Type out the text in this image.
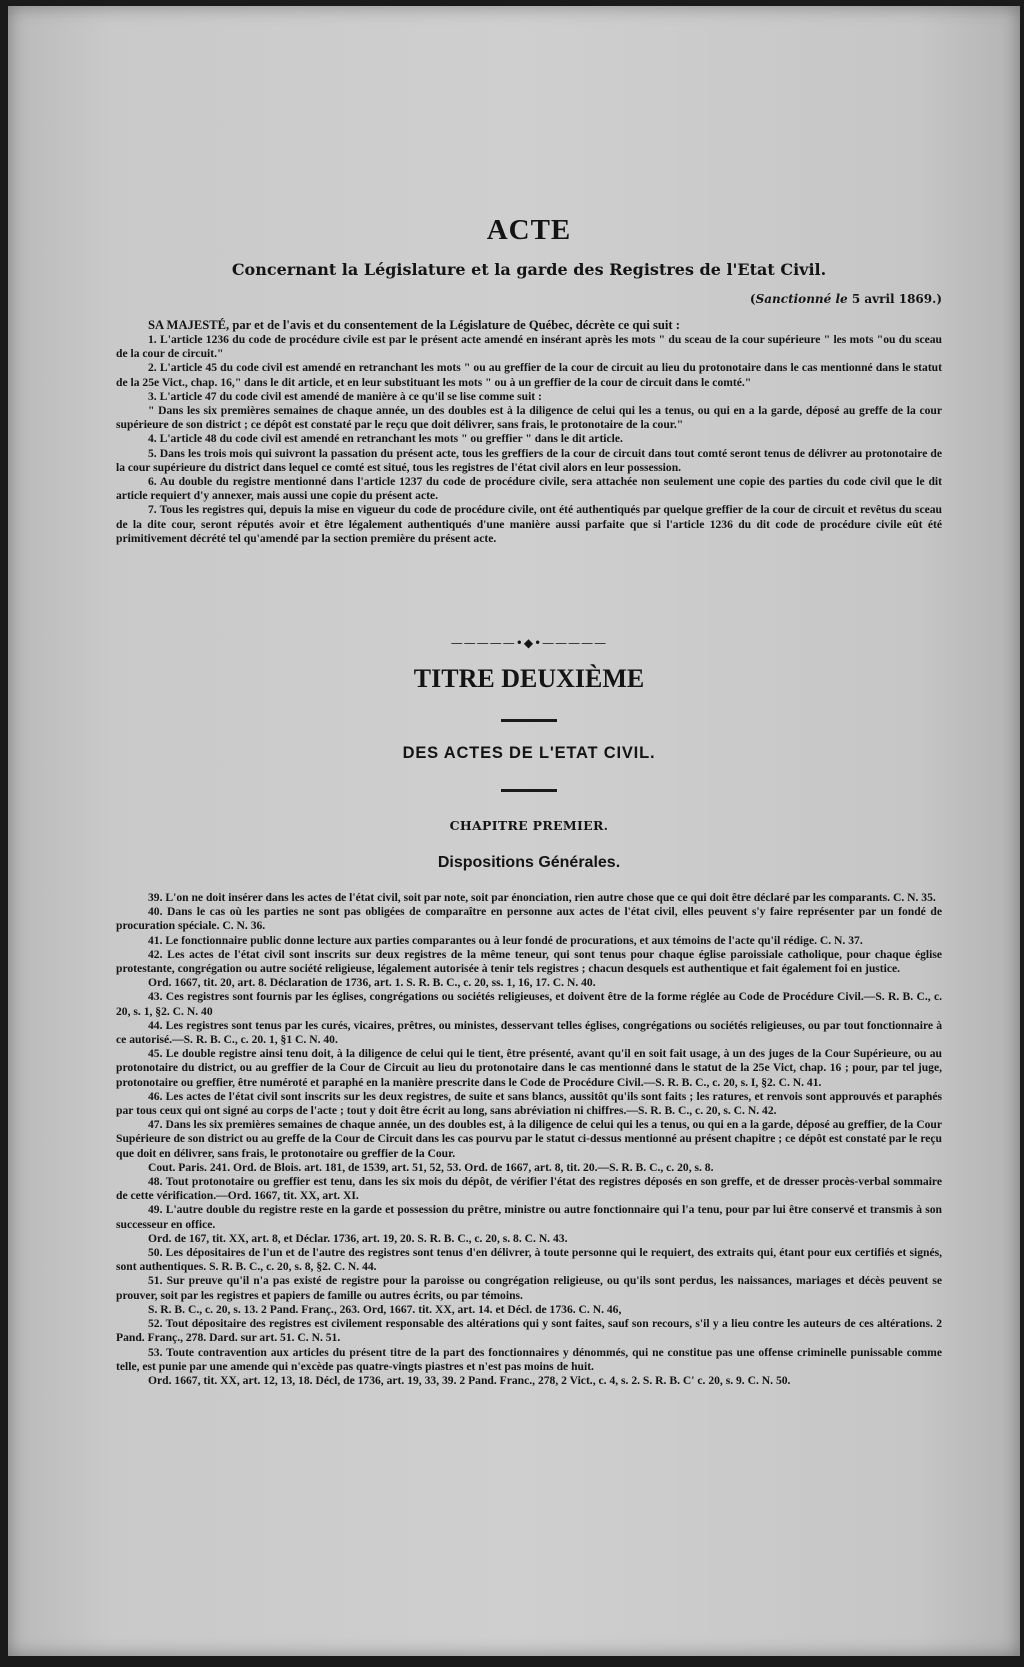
ACTE
Concernant la Législature et la garde des Registres de l'Etat Civil.
(Sanctionné le 5 avril 1869.)

SA MAJESTÉ, par et de l'avis et du consentement de la Législature de Québec, décrète ce qui suit :

1. L'article 1236 du code de procédure civile est par le présent acte amendé en insérant après les mots " du sceau de la cour supérieure " les mots "ou du sceau de la cour de circuit."

2. L'article 45 du code civil est amendé en retranchant les mots " ou au greffier de la cour de circuit au lieu du protonotaire dans le cas mentionné dans le statut de la 25e Vict., chap. 16," dans le dit article, et en leur substituant les mots " ou à un greffier de la cour de circuit dans le comté."

3. L'article 47 du code civil est amendé de manière à ce qu'il se lise comme suit :

" Dans les six premières semaines de chaque année, un des doubles est à la diligence de celui qui les a tenus, ou qui en a la garde, déposé au greffe de la cour supérieure de son district ; ce dépôt est constaté par le reçu que doit délivrer, sans frais, le protonotaire de la cour."

4. L'article 48 du code civil est amendé en retranchant les mots " ou greffier " dans le dit article.

5. Dans les trois mois qui suivront la passation du présent acte, tous les greffiers de la cour de circuit dans tout comté seront tenus de délivrer au protonotaire de la cour supérieure du district dans lequel ce comté est situé, tous les registres de l'état civil alors en leur possession.

6. Au double du registre mentionné dans l'article 1237 du code de procédure civile, sera attachée non seulement une copie des parties du code civil que le dit article requiert d'y annexer, mais aussi une copie du présent acte.

7. Tous les registres qui, depuis la mise en vigueur du code de procédure civile, ont été authentiqués par quelque greffier de la cour de circuit et revêtus du sceau de la dite cour, seront réputés avoir et être légalement authentiqués d'une manière aussi parfaite que si l'article 1236 du dit code de procédure civile eût été primitivement décrété tel qu'amendé par la section première du présent acte.

—————•◆•—————
TITRE DEUXIÈME
DES ACTES DE L'ETAT CIVIL.
CHAPITRE PREMIER.
Dispositions Générales.

39. L'on ne doit insérer dans les actes de l'état civil, soit par note, soit par énonciation, rien autre chose que ce qui doit être déclaré par les comparants. C. N. 35.

40. Dans le cas où les parties ne sont pas obligées de comparaître en personne aux actes de l'état civil, elles peuvent s'y faire représenter par un fondé de procuration spéciale. C. N. 36.

41. Le fonctionnaire public donne lecture aux parties comparantes ou à leur fondé de procurations, et aux témoins de l'acte qu'il rédige. C. N. 37.

42. Les actes de l'état civil sont inscrits sur deux registres de la même teneur, qui sont tenus pour chaque église paroissiale catholique, pour chaque église protestante, congrégation ou autre société religieuse, légalement autorisée à tenir tels registres ; chacun desquels est authentique et fait également foi en justice.

Ord. 1667, tit. 20, art. 8. Déclaration de 1736, art. 1. S. R. B. C., c. 20, ss. 1, 16, 17. C. N. 40.

43. Ces registres sont fournis par les églises, congrégations ou sociétés religieuses, et doivent être de la forme réglée au Code de Procédure Civil.—S. R. B. C., c. 20, s. 1, §2. C. N. 40

44. Les registres sont tenus par les curés, vicaires, prêtres, ou ministes, desservant telles églises, congrégations ou sociétés religieuses, ou par tout fonctionnaire à ce autorisé.—S. R. B. C., c. 20. 1, §1 C. N. 40.

45. Le double registre ainsi tenu doit, à la diligence de celui qui le tient, être présenté, avant qu'il en soit fait usage, à un des juges de la Cour Supérieure, ou au protonotaire du district, ou au greffier de la Cour de Circuit au lieu du protonotaire dans le cas mentionné dans le statut de la 25e Vict, chap. 16 ; pour, par tel juge, protonotaire ou greffier, être numéroté et paraphé en la manière prescrite dans le Code de Procédure Civil.—S. R. B. C., c. 20, s. I, §2. C. N. 41.

46. Les actes de l'état civil sont inscrits sur les deux registres, de suite et sans blancs, aussitôt qu'ils sont faits ; les ratures, et renvois sont approuvés et paraphés par tous ceux qui ont signé au corps de l'acte ; tout y doit être écrit au long, sans abréviation ni chiffres.—S. R. B. C., c. 20, s. C. N. 42.

47. Dans les six premières semaines de chaque année, un des doubles est, à la diligence de celui qui les a tenus, ou qui en a la garde, déposé au greffier, de la Cour Supérieure de son district ou au greffe de la Cour de Circuit dans les cas pourvu par le statut ci-dessus mentionné au présent chapitre ; ce dépôt est constaté par le reçu que doit en délivrer, sans frais, le protonotaire ou greffier de la Cour.

Cout. Paris. 241. Ord. de Blois. art. 181, de 1539, art. 51, 52, 53. Ord. de 1667, art. 8, tit. 20.—S. R. B. C., c. 20, s. 8.

48. Tout protonotaire ou greffier est tenu, dans les six mois du dépôt, de vérifier l'état des registres déposés en son greffe, et de dresser procès-verbal sommaire de cette vérification.—Ord. 1667, tit. XX, art. XI.

49. L'autre double du registre reste en la garde et possession du prêtre, ministre ou autre fonctionnaire qui l'a tenu, pour par lui être conservé et transmis à son successeur en office.

Ord. de 167, tit. XX, art. 8, et Déclar. 1736, art. 19, 20. S. R. B. C., c. 20, s. 8. C. N. 43.

50. Les dépositaires de l'un et de l'autre des registres sont tenus d'en délivrer, à toute personne qui le requiert, des extraits qui, étant pour eux certifiés et signés, sont authentiques. S. R. B. C., c. 20, s. 8, §2. C. N. 44.

51. Sur preuve qu'il n'a pas existé de registre pour la paroisse ou congrégation religieuse, ou qu'ils sont perdus, les naissances, mariages et décès peuvent se prouver, soit par les registres et papiers de famille ou autres écrits, ou par témoins.

S. R. B. C., c. 20, s. 13. 2 Pand. Franç., 263. Ord, 1667. tit. XX, art. 14. et Décl. de 1736. C. N. 46,

52. Tout dépositaire des registres est civilement responsable des altérations qui y sont faites, sauf son recours, s'il y a lieu contre les auteurs de ces altérations. 2 Pand. Franç., 278. Dard. sur art. 51. C. N. 51.

53. Toute contravention aux articles du présent titre de la part des fonctionnaires y dénommés, qui ne constitue pas une offense criminelle punissable comme telle, est punie par une amende qui n'excède pas quatre-vingts piastres et n'est pas moins de huit.

Ord. 1667, tit. XX, art. 12, 13, 18. Décl, de 1736, art. 19, 33, 39. 2 Pand. Franc., 278, 2 Vict., c. 4, s. 2. S. R. B. C' c. 20, s. 9. C. N. 50.
